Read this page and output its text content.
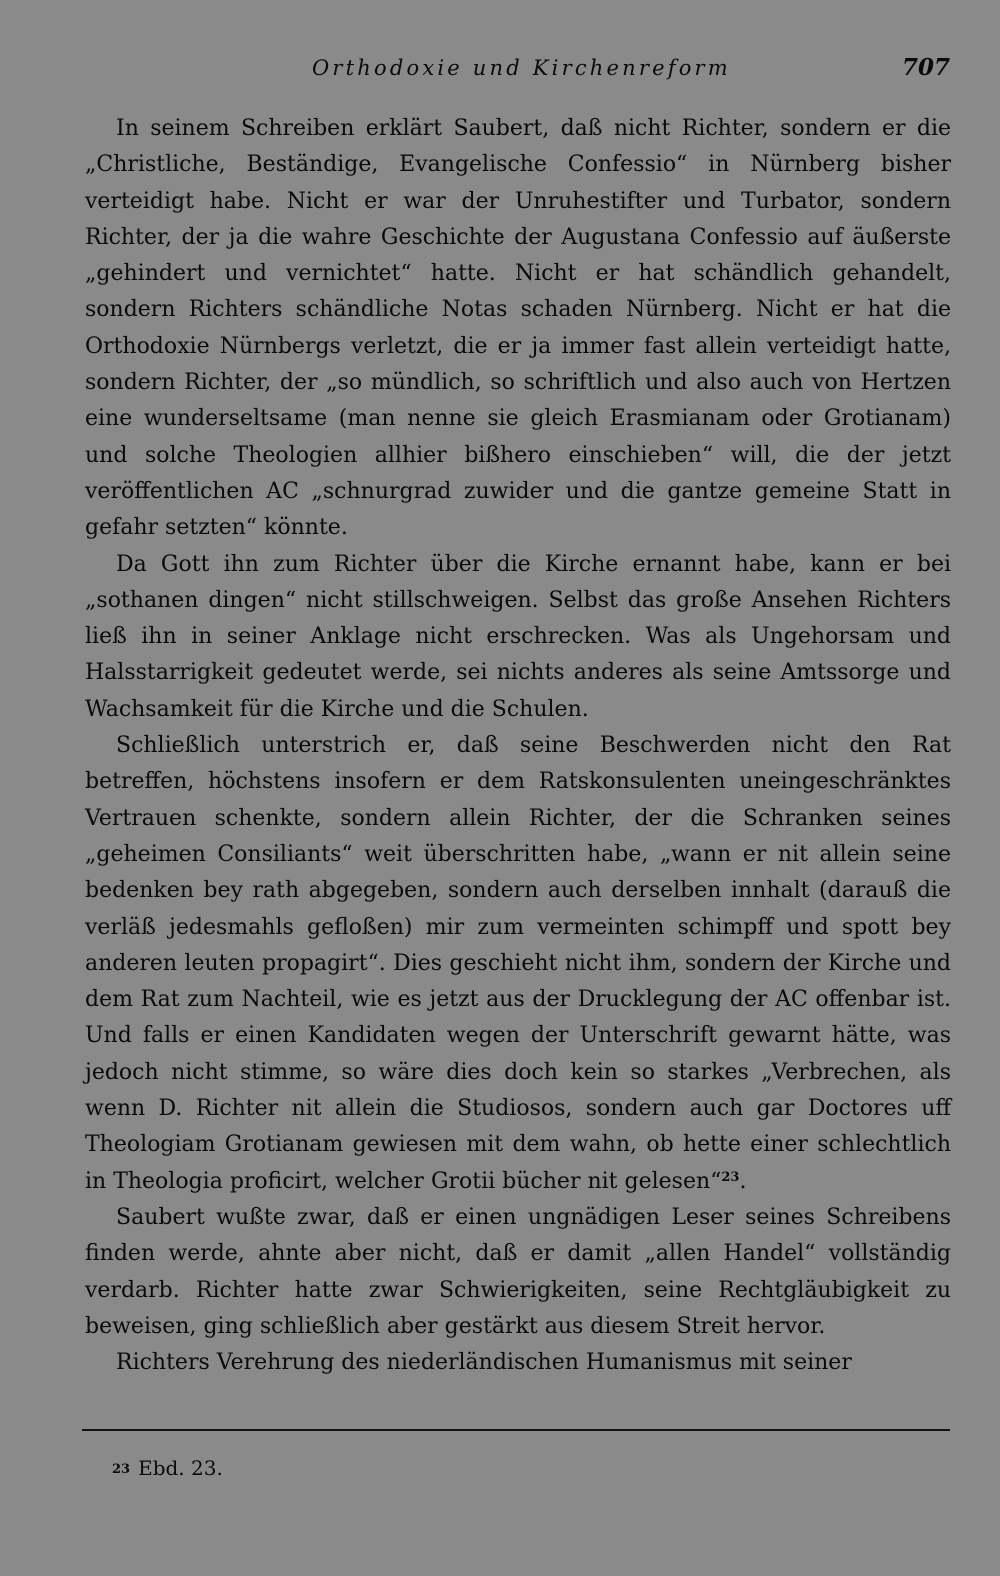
Orthodoxie und Kirchenreform	707

In seinem Schreiben erklärt Saubert, daß nicht Richter, sondern er die „Christliche, Beständige, Evangelische Confessio“ in Nürnberg bisher verteidigt habe. Nicht er war der Unruhestifter und Turbator, sondern Richter, der ja die wahre Geschichte der Augustana Confessio auf äußerste „gehindert und vernichtet“ hatte. Nicht er hat schändlich gehandelt, sondern Richters schändliche Notas schaden Nürnberg. Nicht er hat die Orthodoxie Nürnbergs verletzt, die er ja immer fast allein verteidigt hatte, sondern Richter, der „so mündlich, so schriftlich und also auch von Hertzen eine wunderseltsame (man nenne sie gleich Erasmianam oder Grotianam) und solche Theologien allhier bißhero einschieben“ will, die der jetzt veröffentlichen AC „schnurgrad zuwider und die gantze gemeine Statt in gefahr setzten“ könnte.

Da Gott ihn zum Richter über die Kirche ernannt habe, kann er bei „sothanen dingen“ nicht stillschweigen. Selbst das große Ansehen Richters ließ ihn in seiner Anklage nicht erschrecken. Was als Ungehorsam und Halsstarrigkeit gedeutet werde, sei nichts anderes als seine Amtssorge und Wachsamkeit für die Kirche und die Schulen.

Schließlich unterstrich er, daß seine Beschwerden nicht den Rat betreffen, höchstens insofern er dem Ratskonsulenten uneingeschränktes Vertrauen schenkte, sondern allein Richter, der die Schranken seines „geheimen Consiliants“ weit überschritten habe, „wann er nit allein seine bedenken bey rath abgegeben, sondern auch derselben innhalt (darauß die verläß jedesmahls gefloßen) mir zum vermeinten schimpff und spott bey anderen leuten propagirt“. Dies geschieht nicht ihm, sondern der Kirche und dem Rat zum Nachteil, wie es jetzt aus der Drucklegung der AC offenbar ist. Und falls er einen Kandidaten wegen der Unterschrift gewarnt hätte, was jedoch nicht stimme, so wäre dies doch kein so starkes „Verbrechen, als wenn D. Richter nit allein die Studiosos, sondern auch gar Doctores uff Theologiam Grotianam gewiesen mit dem wahn, ob hette einer schlechtlich in Theologia proficirt, welcher Grotii bücher nit gelesen“$^{23}$.

Saubert wußte zwar, daß er einen ungnädigen Leser seines Schreibens finden werde, ahnte aber nicht, daß er damit „allen Handel“ vollständig verdarb. Richter hatte zwar Schwierigkeiten, seine Rechtgläubigkeit zu beweisen, ging schließlich aber gestärkt aus diesem Streit hervor.

Richters Verehrung des niederländischen Humanismus mit seiner

$^{23}$ Ebd. 23.
